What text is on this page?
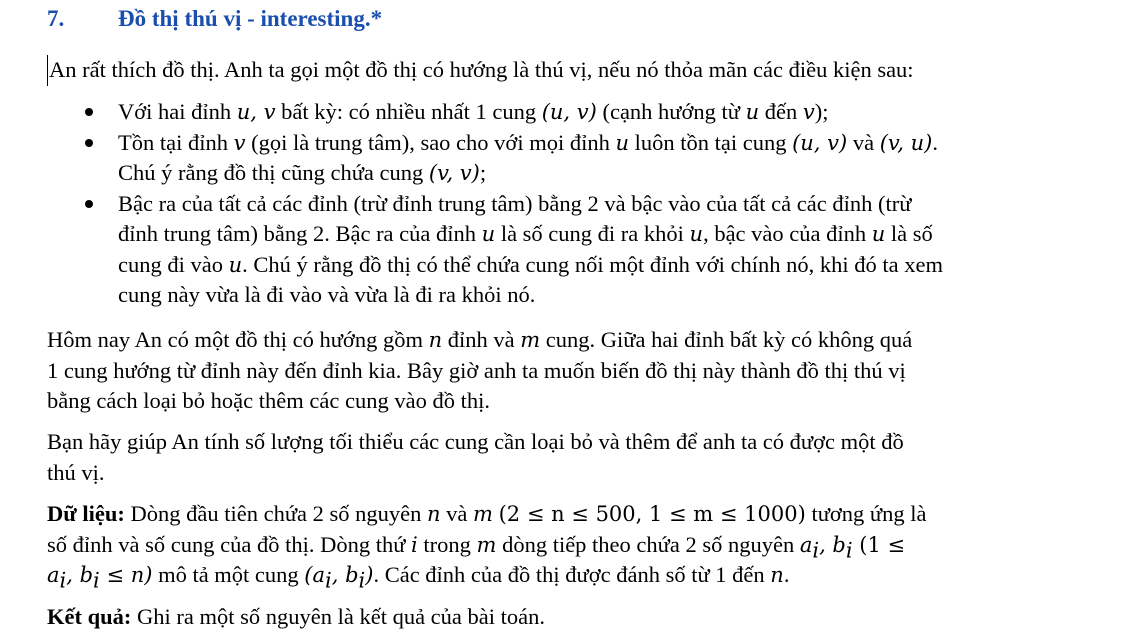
7. Đồ thị thú vị - interesting.*
An rất thích đồ thị. Anh ta gọi một đồ thị có hướng là thú vị, nếu nó thỏa mãn các điều kiện sau:
Với hai đỉnh u, v bất kỳ: có nhiều nhất 1 cung (u, v) (cạnh hướng từ u đến v);
Tồn tại đỉnh v (gọi là trung tâm), sao cho với mọi đỉnh u luôn tồn tại cung (u, v) và (v, u).
Chú ý rằng đồ thị cũng chứa cung (v, v);
Bậc ra của tất cả các đỉnh (trừ đỉnh trung tâm) bằng 2 và bậc vào của tất cả các đỉnh (trừ
đỉnh trung tâm) bằng 2. Bậc ra của đỉnh u là số cung đi ra khỏi u, bậc vào của đỉnh u là số
cung đi vào u. Chú ý rằng đồ thị có thể chứa cung nối một đỉnh với chính nó, khi đó ta xem
cung này vừa là đi vào và vừa là đi ra khỏi nó.
Hôm nay An có một đồ thị có hướng gồm n đỉnh và m cung. Giữa hai đỉnh bất kỳ có không quá
1 cung hướng từ đỉnh này đến đỉnh kia. Bây giờ anh ta muốn biến đồ thị này thành đồ thị thú vị
bằng cách loại bỏ hoặc thêm các cung vào đồ thị.
Bạn hãy giúp An tính số lượng tối thiểu các cung cần loại bỏ và thêm để anh ta có được một đồ
thú vị.
Dữ liệu: Dòng đầu tiên chứa 2 số nguyên n và m (2 ≤ n ≤ 500, 1 ≤ m ≤ 1000) tương ứng là
số đỉnh và số cung của đồ thị. Dòng thứ i trong m dòng tiếp theo chứa 2 số nguyên $a_i$, $b_i$ (1 ≤
$a_i$, $b_i \le n$) mô tả một cung ($a_i$, $b_i$). Các đỉnh của đồ thị được đánh số từ 1 đến n.
Kết quả: Ghi ra một số nguyên là kết quả của bài toán.
